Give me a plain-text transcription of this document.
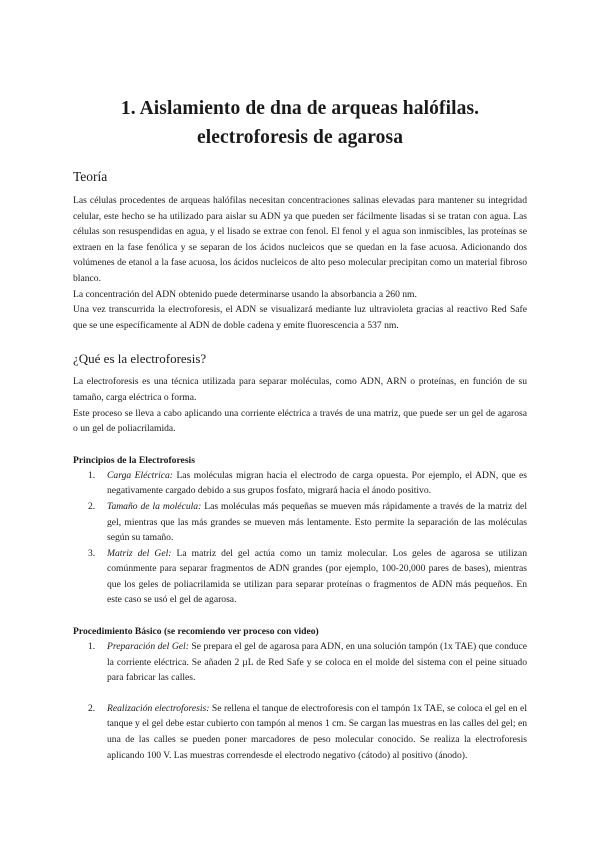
1. Aislamiento de dna de arqueas halófilas.
electroforesis de agarosa
Teoría

Las células procedentes de arqueas halófilas necesitan concentraciones salinas elevadas para mantener su integridad celular, este hecho se ha utilizado para aislar su ADN ya que pueden ser fácilmente lisadas si se tratan con agua. Las células son resuspendidas en agua, y el lisado se extrae con fenol. El fenol y el agua son inmiscibles, las proteínas se extraen en la fase fenólica y se separan de los ácidos nucleicos que se quedan en la fase acuosa. Adicionando dos volúmenes de etanol a la fase acuosa, los ácidos nucleicos de alto peso molecular precipitan como un material fibroso blanco.

La concentración del ADN obtenido puede determinarse usando la absorbancia a 260 nm.

Una vez transcurrida la electroforesis, el ADN se visualizará mediante luz ultravioleta gracias al reactivo Red Safe que se une específicamente al ADN de doble cadena y emite fluorescencia a 537 nm.

¿Qué es la electroforesis?

La electroforesis es una técnica utilizada para separar moléculas, como ADN, ARN o proteínas, en función de su tamaño, carga eléctrica o forma.

Este proceso se lleva a cabo aplicando una corriente eléctrica a través de una matriz, que puede ser un gel de agarosa o un gel de poliacrilamida.

Principios de la Electroforesis
1. Carga Eléctrica: Las moléculas migran hacia el electrodo de carga opuesta. Por ejemplo, el ADN, que es negativamente cargado debido a sus grupos fosfato, migrará hacia el ánodo positivo.
2. Tamaño de la molécula: Las moléculas más pequeñas se mueven más rápidamente a través de la matriz del gel, mientras que las más grandes se mueven más lentamente. Esto permite la separación de las moléculas según su tamaño.
3. Matriz del Gel: La matriz del gel actúa como un tamiz molecular. Los geles de agarosa se utilizan comúnmente para separar fragmentos de ADN grandes (por ejemplo, 100-20,000 pares de bases), mientras que los geles de poliacrilamida se utilizan para separar proteínas o fragmentos de ADN más pequeños. En este caso se usó el gel de agarosa.
Procedimiento Básico (se recomiendo ver proceso con video)
1. Preparación del Gel: Se prepara el gel de agarosa para ADN, en una solución tampón (1x TAE) que conduce la corriente eléctrica. Se añaden 2 µL de Red Safe y se coloca en el molde del sistema con el peine situado para fabricar las calles.
2. Realización electroforesis: Se rellena el tanque de electroforesis con el tampón 1x TAE, se coloca el gel en el tanque y el gel debe estar cubierto con tampón al menos 1 cm. Se cargan las muestras en las calles del gel; en una de las calles se pueden poner marcadores de peso molecular conocido. Se realiza la electroforesis aplicando 100 V. Las muestras correndesde el electrodo negativo (cátodo) al positivo (ánodo).
